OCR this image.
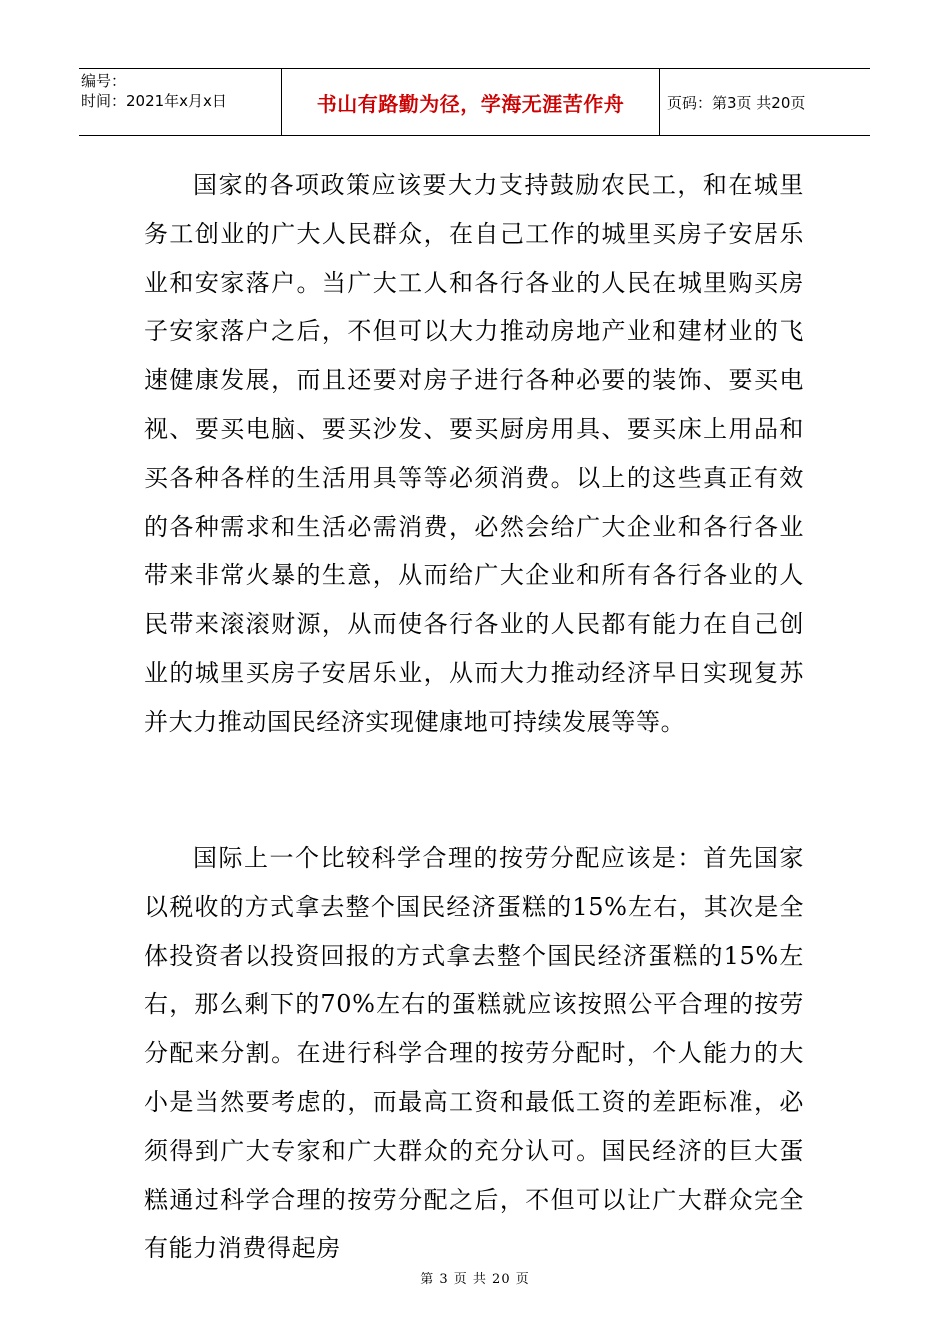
编号：
时间：2021年x月x日	书山有路勤为径，学海无涯苦作舟	页码：第3页 共20页

国家的各项政策应该要大力支持鼓励农民工，和在城里务工创业的广大人民群众，在自己工作的城里买房子安居乐业和安家落户。当广大工人和各行各业的人民在城里购买房子安家落户之后，不但可以大力推动房地产业和建材业的飞速健康发展，而且还要对房子进行各种必要的装饰、要买电视、要买电脑、要买沙发、要买厨房用具、要买床上用品和买各种各样的生活用具等等必须消费。以上的这些真正有效的各种需求和生活必需消费，必然会给广大企业和各行各业带来非常火暴的生意，从而给广大企业和所有各行各业的人民带来滚滚财源，从而使各行各业的人民都有能力在自己创业的城里买房子安居乐业，从而大力推动经济早日实现复苏并大力推动国民经济实现健康地可持续发展等等。

国际上一个比较科学合理的按劳分配应该是：首先国家以税收的方式拿去整个国民经济蛋糕的15%左右，其次是全体投资者以投资回报的方式拿去整个国民经济蛋糕的15%左右，那么剩下的70%左右的蛋糕就应该按照公平合理的按劳分配来分割。在进行科学合理的按劳分配时，个人能力的大小是当然要考虑的，而最高工资和最低工资的差距标准，必须得到广大专家和广大群众的充分认可。国民经济的巨大蛋糕通过科学合理的按劳分配之后，不但可以让广大群众完全有能力消费得起房

第 3 页 共 20 页
